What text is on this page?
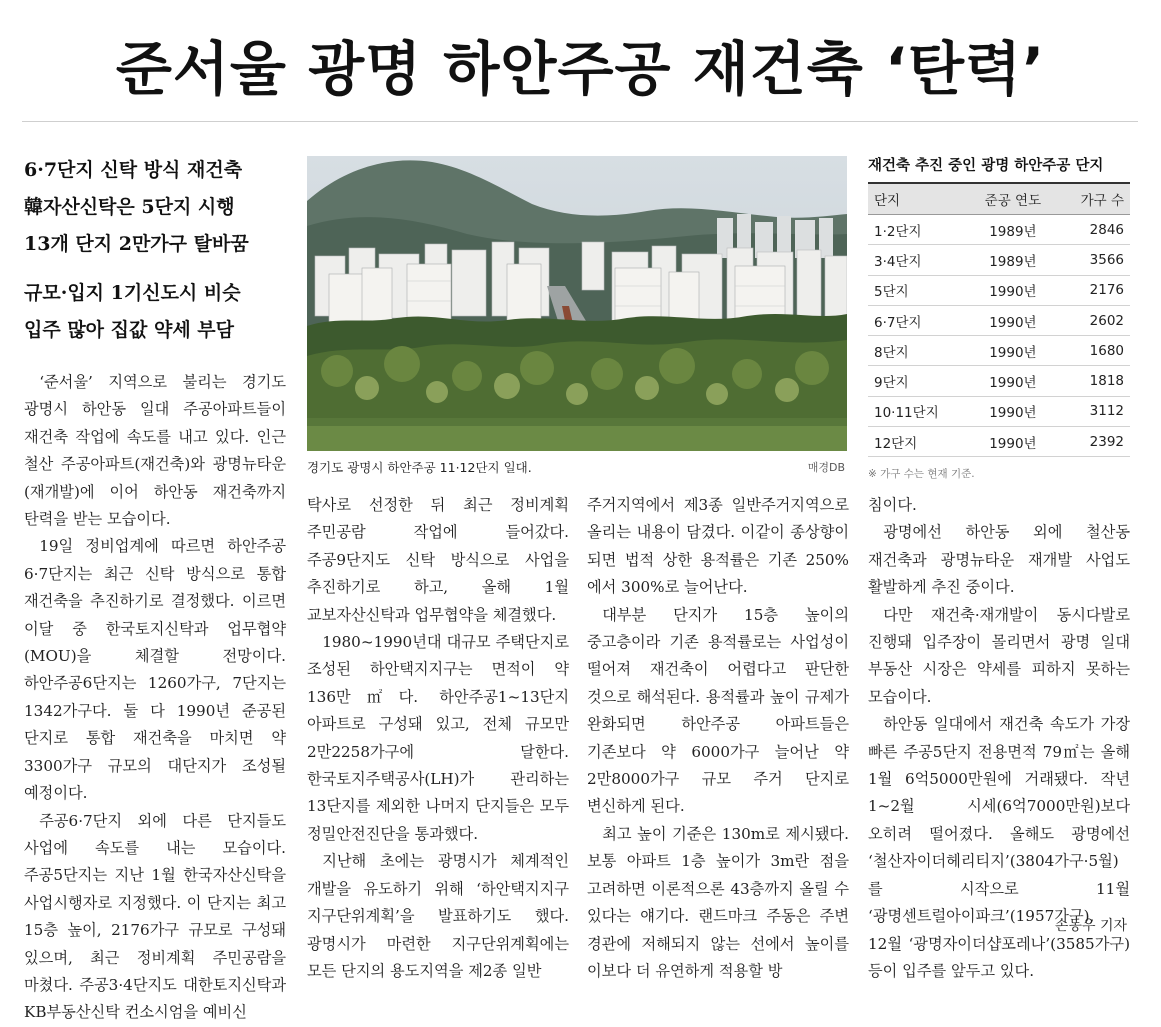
준서울 광명 하안주공 재건축 ‘탄력’
6·7단지 신탁 방식 재건축
韓자산신탁은 5단지 시행
13개 단지 2만가구 탈바꿈
규모·입지 1기신도시 비슷
입주 많아 집값 약세 부담

‘준서울’ 지역으로 불리는 경기도 광명시 하안동 일대 주공아파트들이 재건축 작업에 속도를 내고 있다. 인근 철산 주공아파트(재건축)와 광명뉴타운(재개발)에 이어 하안동 재건축까지 탄력을 받는 모습이다.

19일 정비업계에 따르면 하안주공 6·7단지는 최근 신탁 방식으로 통합 재건축을 추진하기로 결정했다. 이르면 이달 중 한국토지신탁과 업무협약(MOU)을 체결할 전망이다. 하안주공6단지는 1260가구, 7단지는 1342가구다. 둘 다 1990년 준공된 단지로 통합 재건축을 마치면 약 3300가구 규모의 대단지가 조성될 예정이다.

주공6·7단지 외에 다른 단지들도 사업에 속도를 내는 모습이다. 주공5단지는 지난 1월 한국자산신탁을 사업시행자로 지정했다. 이 단지는 최고 15층 높이, 2176가구 규모로 구성돼 있으며, 최근 정비계획 주민공람을 마쳤다. 주공3·4단지도 대한토지신탁과 KB부동산신탁 컨소시엄을 예비신

탁사로 선정한 뒤 최근 정비계획 주민공람 작업에 들어갔다. 주공9단지도 신탁 방식으로 사업을 추진하기로 하고, 올해 1월 교보자산신탁과 업무협약을 체결했다.

1980~1990년대 대규모 주택단지로 조성된 하안택지지구는 면적이 약 136만㎡다. 하안주공1~13단지 아파트로 구성돼 있고, 전체 규모만 2만2258가구에 달한다. 한국토지주택공사(LH)가 관리하는 13단지를 제외한 나머지 단지들은 모두 정밀안전진단을 통과했다.

지난해 초에는 광명시가 체계적인 개발을 유도하기 위해 ‘하안택지지구 지구단위계획’을 발표하기도 했다. 광명시가 마련한 지구단위계획에는 모든 단지의 용도지역을 제2종 일반

주거지역에서 제3종 일반주거지역으로 올리는 내용이 담겼다. 이같이 종상향이 되면 법적 상한 용적률은 기존 250%에서 300%로 늘어난다.

대부분 단지가 15층 높이의 중고층이라 기존 용적률로는 사업성이 떨어져 재건축이 어렵다고 판단한 것으로 해석된다. 용적률과 높이 규제가 완화되면 하안주공 아파트들은 기존보다 약 6000가구 늘어난 약 2만8000가구 규모 주거 단지로 변신하게 된다.

최고 높이 기준은 130m로 제시됐다. 보통 아파트 1층 높이가 3m란 점을 고려하면 이론적으론 43층까지 올릴 수 있다는 얘기다. 랜드마크 주동은 주변 경관에 저해되지 않는 선에서 높이를 이보다 더 유연하게 적용할 방

침이다.

광명에선 하안동 외에 철산동 재건축과 광명뉴타운 재개발 사업도 활발하게 추진 중이다.

다만 재건축·재개발이 동시다발로 진행돼 입주장이 몰리면서 광명 일대 부동산 시장은 약세를 피하지 못하는 모습이다.

하안동 일대에서 재건축 속도가 가장 빠른 주공5단지 전용면적 79㎡는 올해 1월 6억5000만원에 거래됐다. 작년 1~2월 시세(6억7000만원)보다 오히려 떨어졌다. 올해도 광명에선 ‘철산자이더헤리티지’(3804가구·5월)를 시작으로 11월 ‘광명센트럴아이파크’(1957가구), 12월 ‘광명자이더샵포레나’(3585가구) 등이 입주를 앞두고 있다.

경기도 광명시 하안주공 11·12단지 일대.	매경DB
재건축 추진 중인 광명 하안주공 단지
단지	준공 연도	가구 수
1·2단지	1989년	2846
3·4단지	1989년	3566
5단지	1990년	2176
6·7단지	1990년	2602
8단지	1990년	1680
9단지	1990년	1818
10·11단지	1990년	3112
12단지	1990년	2392
※ 가구 수는 현재 기준.
손동우 기자
